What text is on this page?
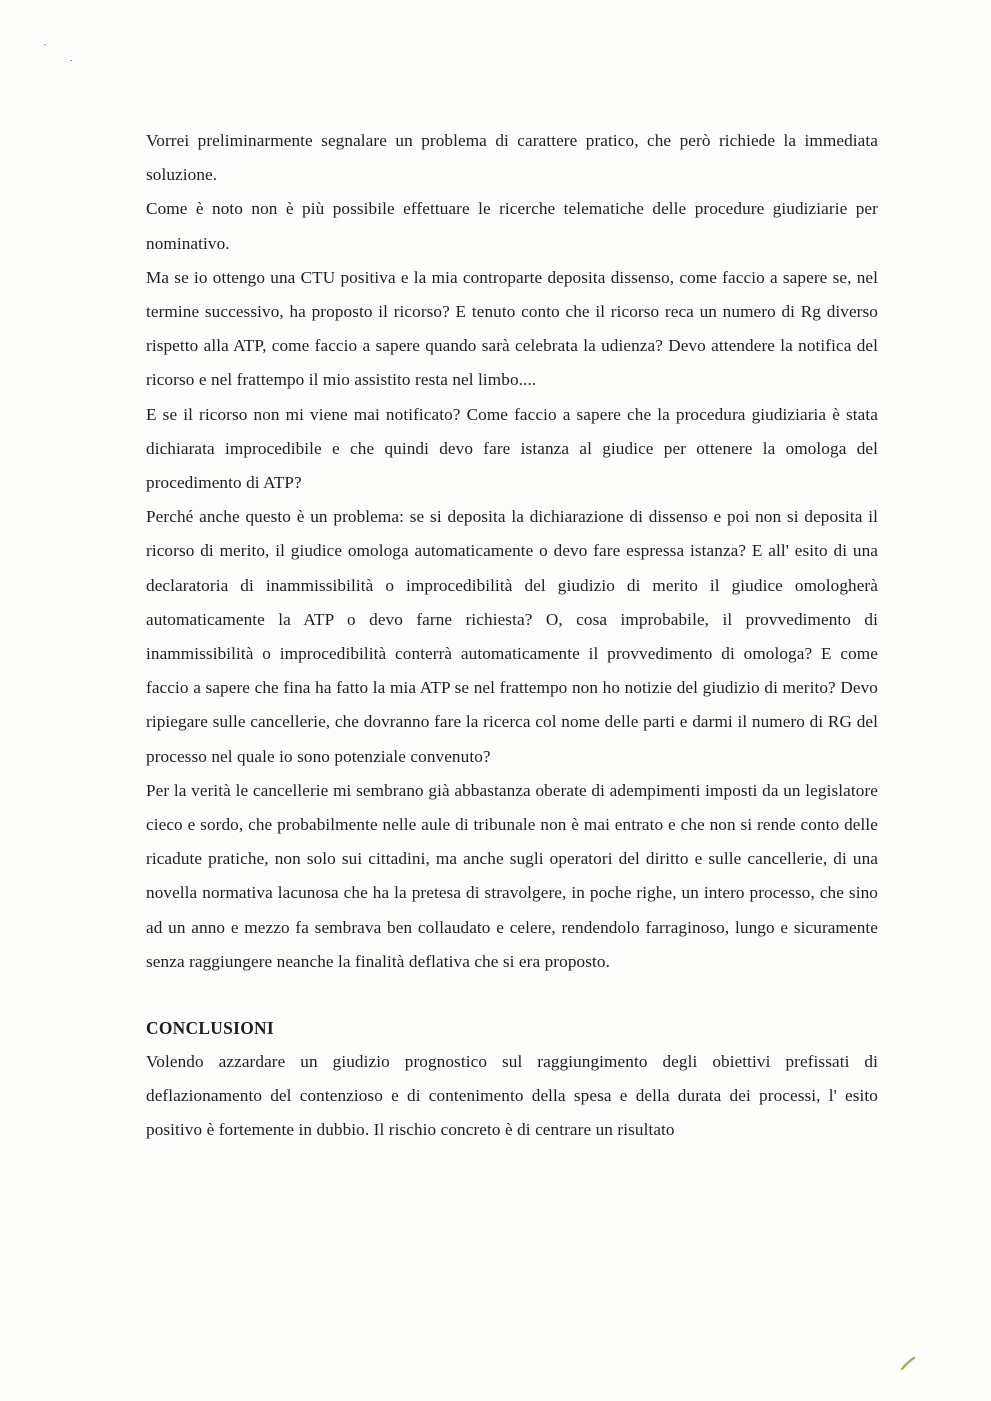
Vorrei preliminarmente segnalare un problema di carattere pratico, che però richiede la immediata soluzione.

Come è noto non è più possibile effettuare le ricerche telematiche delle procedure giudiziarie per nominativo.

Ma se io ottengo una CTU positiva e la mia controparte deposita dissenso, come faccio a sapere se, nel termine successivo, ha proposto il ricorso? E tenuto conto che il ricorso reca un numero di Rg diverso rispetto alla ATP, come faccio a sapere quando sarà celebrata la udienza? Devo attendere la notifica del ricorso e nel frattempo il mio assistito resta nel limbo....

E se il ricorso non mi viene mai notificato? Come faccio a sapere che la procedura giudiziaria è stata dichiarata improcedibile e che quindi devo fare istanza al giudice per ottenere la omologa del procedimento di ATP?

Perché anche questo è un problema: se si deposita la dichiarazione di dissenso e poi non si deposita il ricorso di merito, il giudice omologa automaticamente o devo fare espressa istanza? E all' esito di una declaratoria di inammissibilità o improcedibilità del giudizio di merito il giudice omologherà automaticamente la ATP o devo farne richiesta? O, cosa improbabile, il provvedimento di inammissibilità o improcedibilità conterrà automaticamente il provvedimento di omologa? E come faccio a sapere che fina ha fatto la mia ATP se nel frattempo non ho notizie del giudizio di merito? Devo ripiegare sulle cancellerie, che dovranno fare la ricerca col nome delle parti e darmi il numero di RG del processo nel quale io sono potenziale convenuto?

Per la verità le cancellerie mi sembrano già abbastanza oberate di adempimenti imposti da un legislatore cieco e sordo, che probabilmente nelle aule di tribunale non è mai entrato e che non si rende conto delle ricadute pratiche, non solo sui cittadini, ma anche sugli operatori del diritto e sulle cancellerie, di una novella normativa lacunosa che ha la pretesa di stravolgere, in poche righe, un intero processo, che sino ad un anno e mezzo fa sembrava ben collaudato e celere, rendendolo farraginoso, lungo e sicuramente senza raggiungere neanche la finalità deflativa che si era proposto.

CONCLUSIONI

Volendo azzardare un giudizio prognostico sul raggiungimento degli obiettivi prefissati di deflazionamento del contenzioso e di contenimento della spesa e della durata dei processi, l' esito positivo è fortemente in dubbio. Il rischio concreto è di centrare un risultato
